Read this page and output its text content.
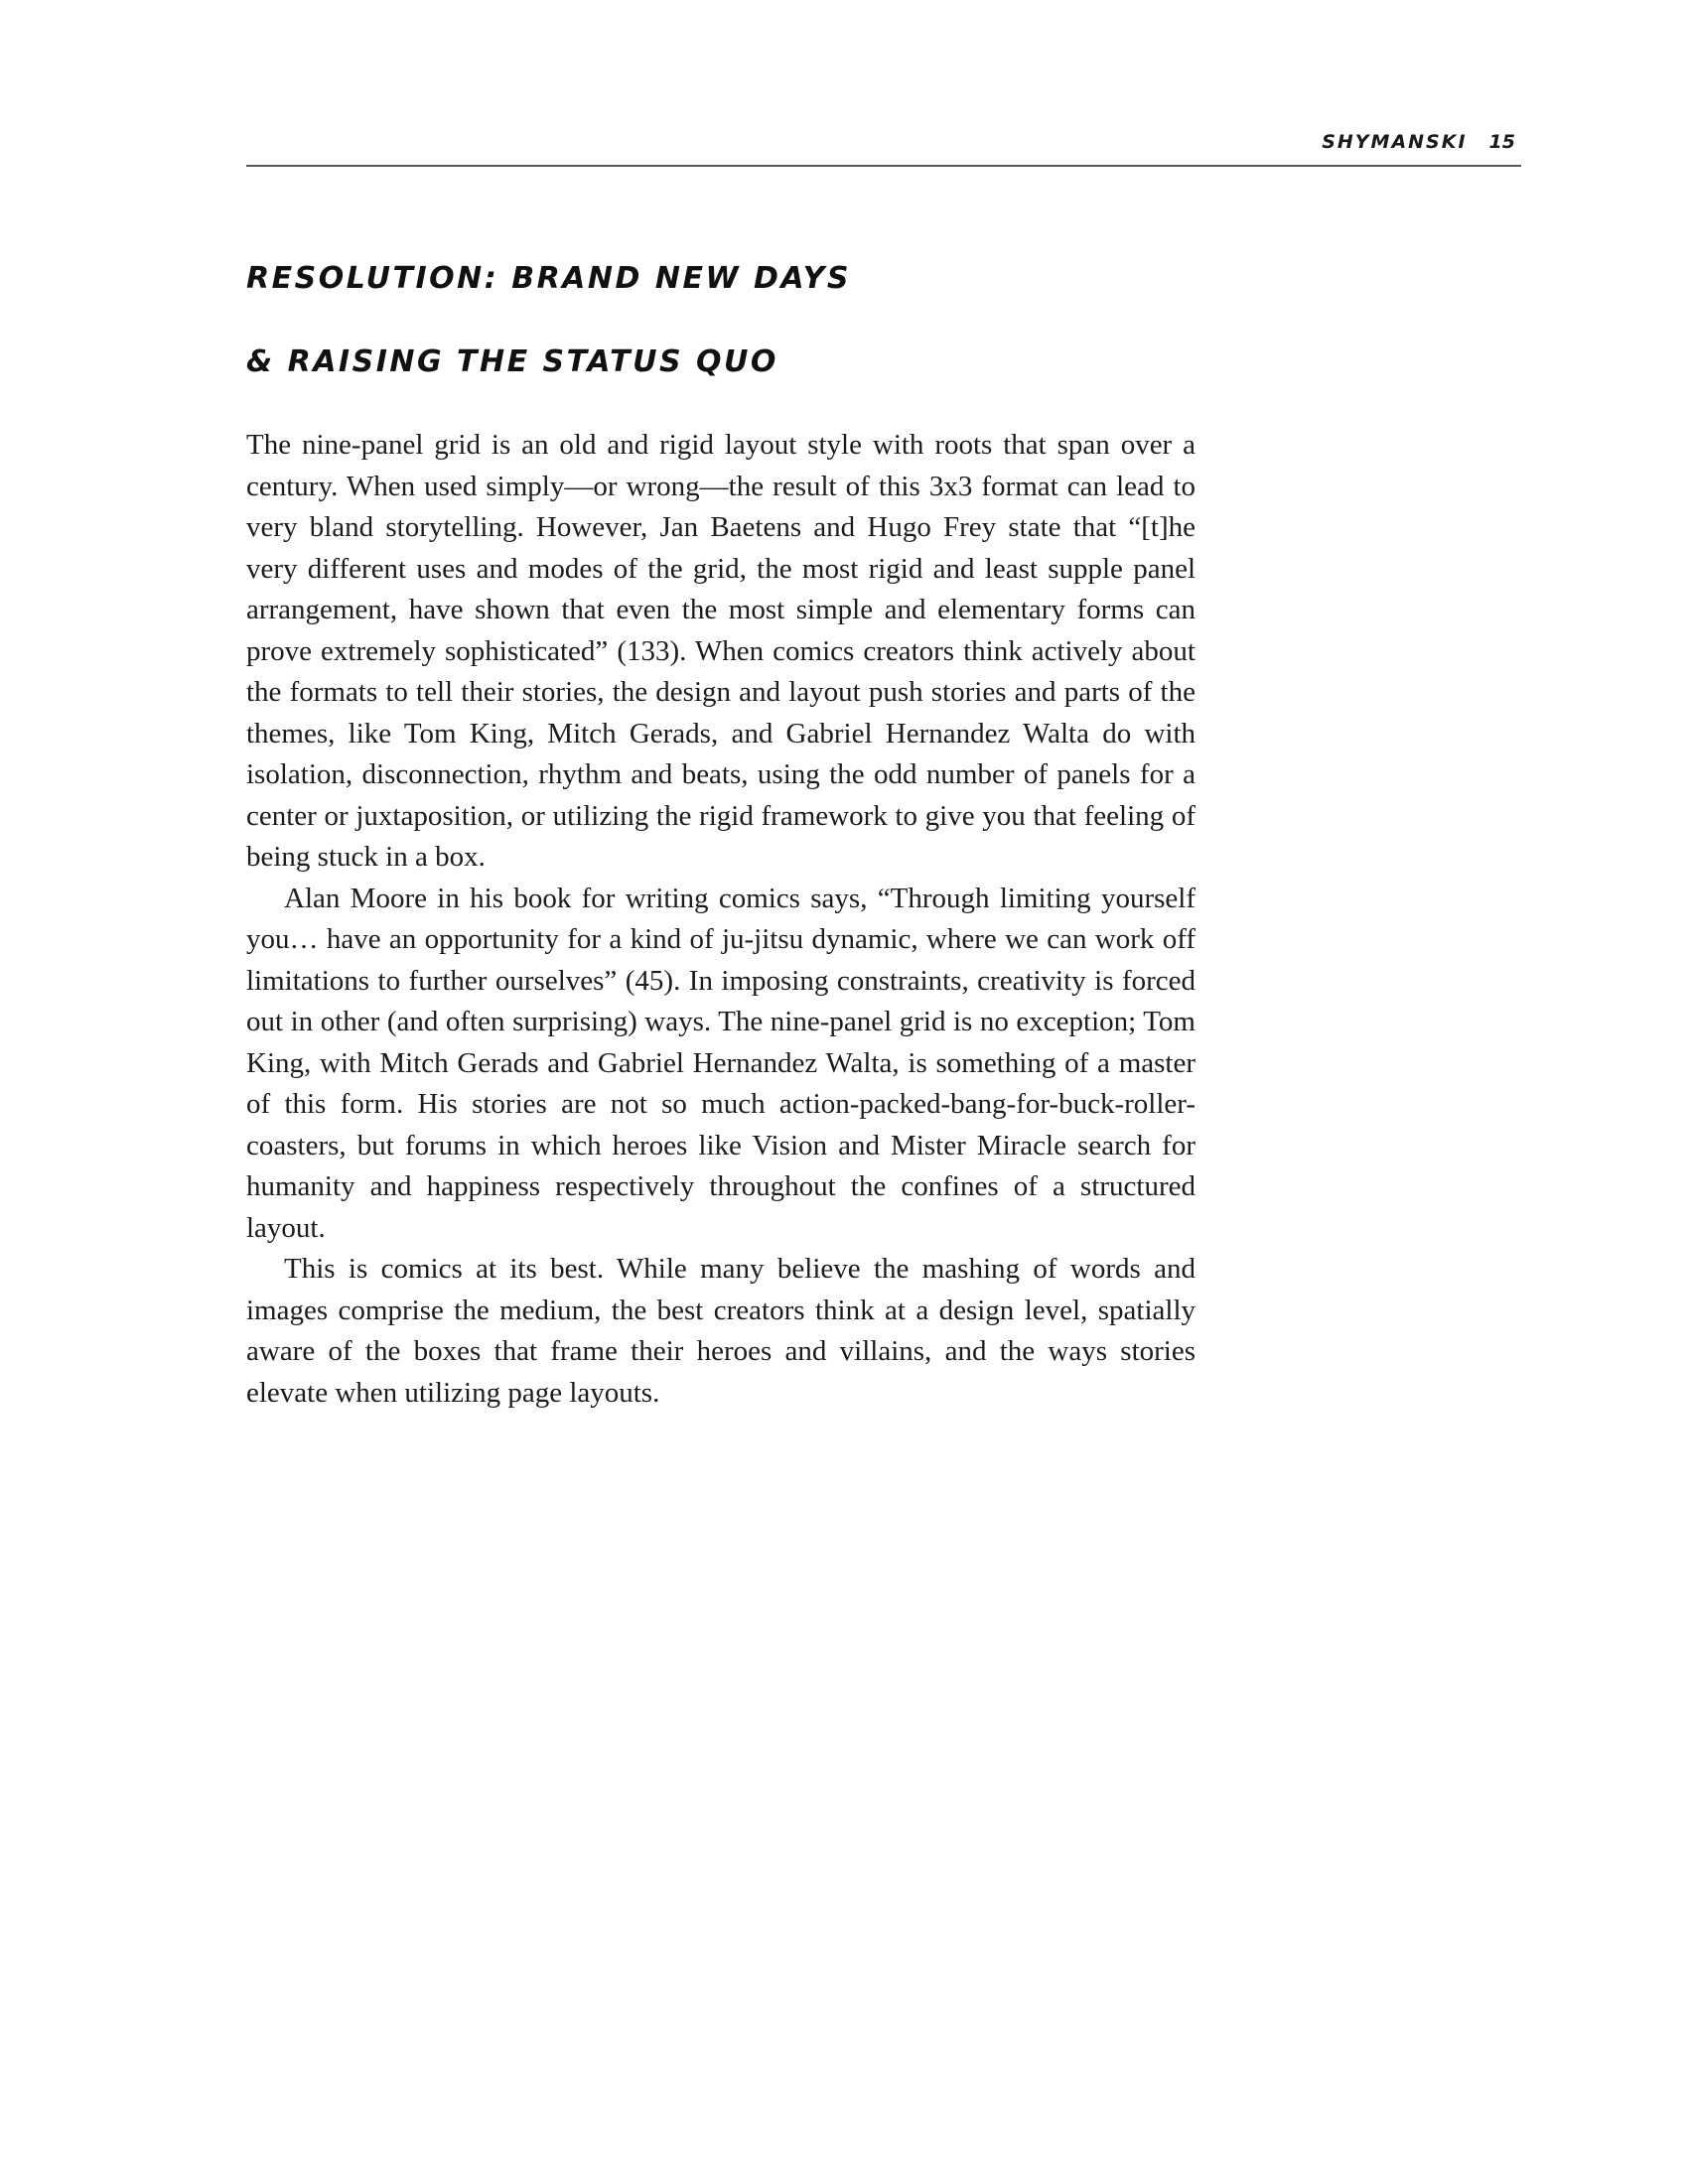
SHYMANSKI 15
RESOLUTION: BRAND NEW DAYS
& RAISING THE STATUS QUO

The nine-panel grid is an old and rigid layout style with roots that span over a century. When used simply—or wrong—the result of this 3x3 format can lead to very bland storytelling. However, Jan Baetens and Hugo Frey state that “[t]he very different uses and modes of the grid, the most rigid and least supple panel arrangement, have shown that even the most simple and elementary forms can prove extremely sophisticated” (133). When comics creators think actively about the formats to tell their stories, the design and layout push stories and parts of the themes, like Tom King, Mitch Gerads, and Gabriel Hernandez Walta do with isolation, disconnection, rhythm and beats, using the odd number of panels for a center or juxtaposition, or utilizing the rigid framework to give you that feeling of being stuck in a box.

Alan Moore in his book for writing comics says, “Through limiting yourself you… have an opportunity for a kind of ju-jitsu dynamic, where we can work off limitations to further ourselves” (45). In imposing constraints, creativity is forced out in other (and often surprising) ways. The nine-panel grid is no exception; Tom King, with Mitch Gerads and Gabriel Hernandez Walta, is something of a master of this form. His stories are not so much action-packed-bang-for-buck-roller-coasters, but forums in which heroes like Vision and Mister Miracle search for humanity and happiness respectively throughout the confines of a structured layout.

This is comics at its best. While many believe the mashing of words and images comprise the medium, the best creators think at a design level, spatially aware of the boxes that frame their heroes and villains, and the ways stories elevate when utilizing page layouts.
